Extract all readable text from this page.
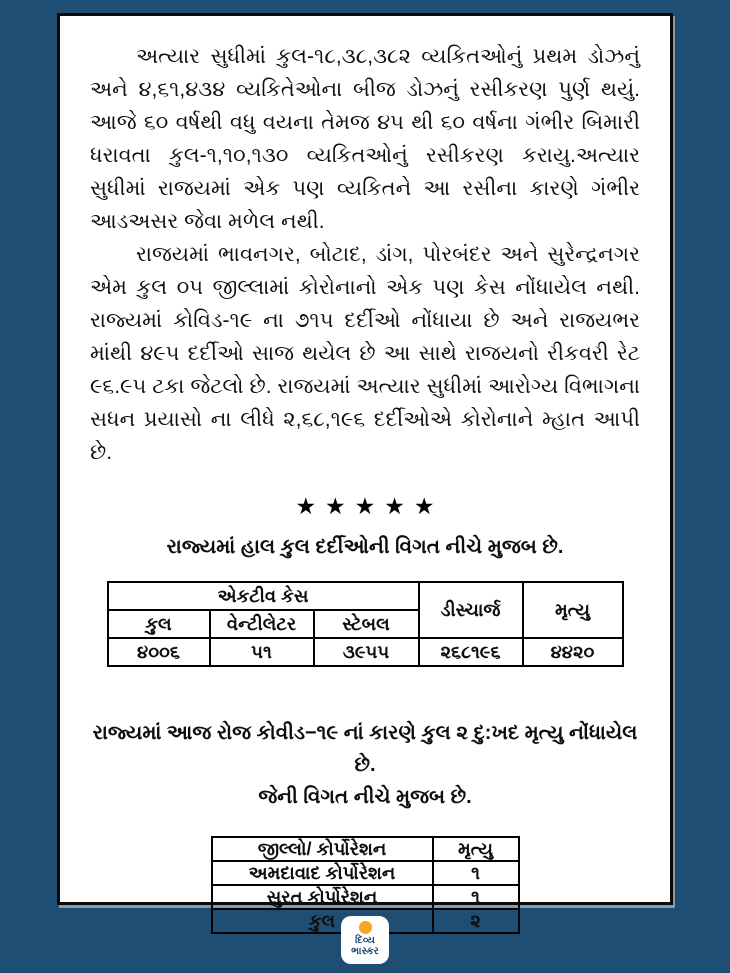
અત્યાર સુધીમાં કુલ-૧૮,૩૮,૩૮૨ વ્યકિતઓનું પ્રથમ ડોઝનું અને ૪,૬૧,૪૩૪ વ્યકિતેઓના બીજ ડોઝનું રસીકરણ પુર્ણ થયું. આજે ૬૦ વર્ષથી વધુ વયના તેમજ ૪૫ થી ૬૦ વર્ષના ગંભીર બિમારી ધરાવતા કુલ-૧,૧૦,૧૩૦ વ્યકિતઓનું રસીકરણ કરાયુ.અત્યાર સુધીમાં રાજયમાં એક પણ વ્યકિતને આ રસીના કારણે ગંભીર આડઅસર જેવા મળેલ નથી.

રાજયમાં ભાવનગર, બોટાદ, ડાંગ, પોરબંદર અને સુરેન્દ્રનગર એમ કુલ ૦૫ જીલ્લામાં કોરોનાનો એક પણ કેસ નોંધાયેલ નથી. રાજ્યમાં કોવિડ-૧૯ ના ૭૧૫ દર્દીઓ નોંધાયા છે અને રાજયભર માંથી ૪૯૫ દર્દીઓ સાજ થયેલ છે આ સાથે રાજયનો રીકવરી રેટ ૯૬.૯૫ ટકા જેટલો છે. રાજયમાં અત્યાર સુધીમાં આરોગ્ય વિભાગના સધન પ્રયાસો ના લીધે ૨,૬૮,૧૯૬ દર્દીઓએ કોરોનાને મ્હાત આપી છે.

★★★★★
રાજ્યમાં હાલ કુલ દર્દીઓની વિગત નીચે મુજબ છે.
એકટીવ કેસ			ડીસ્ચાર્જ	મૃત્યુ
કુલ	વેન્ટીલેટર	સ્ટેબલ		
૪૦૦૬	૫૧	૩૯૫૫	૨૬૮૧૯૬	૪૪૨૦
રાજ્યમાં આજ રોજ કોવીડ−૧૯ નાં કારણે કુલ ૨ દુ:ખદ મૃત્યુ નોંધાયેલ છે.
જેની વિગત નીચે મુજબ છે.
જીલ્લો/ કોર્પોરેશન	મૃત્યુ
અમદાવાદ કોર્પોરેશન	૧
સુરત કોર્પોરેશન	૧
કુલ	૨
દિવ્ય
ભાસ્કર
